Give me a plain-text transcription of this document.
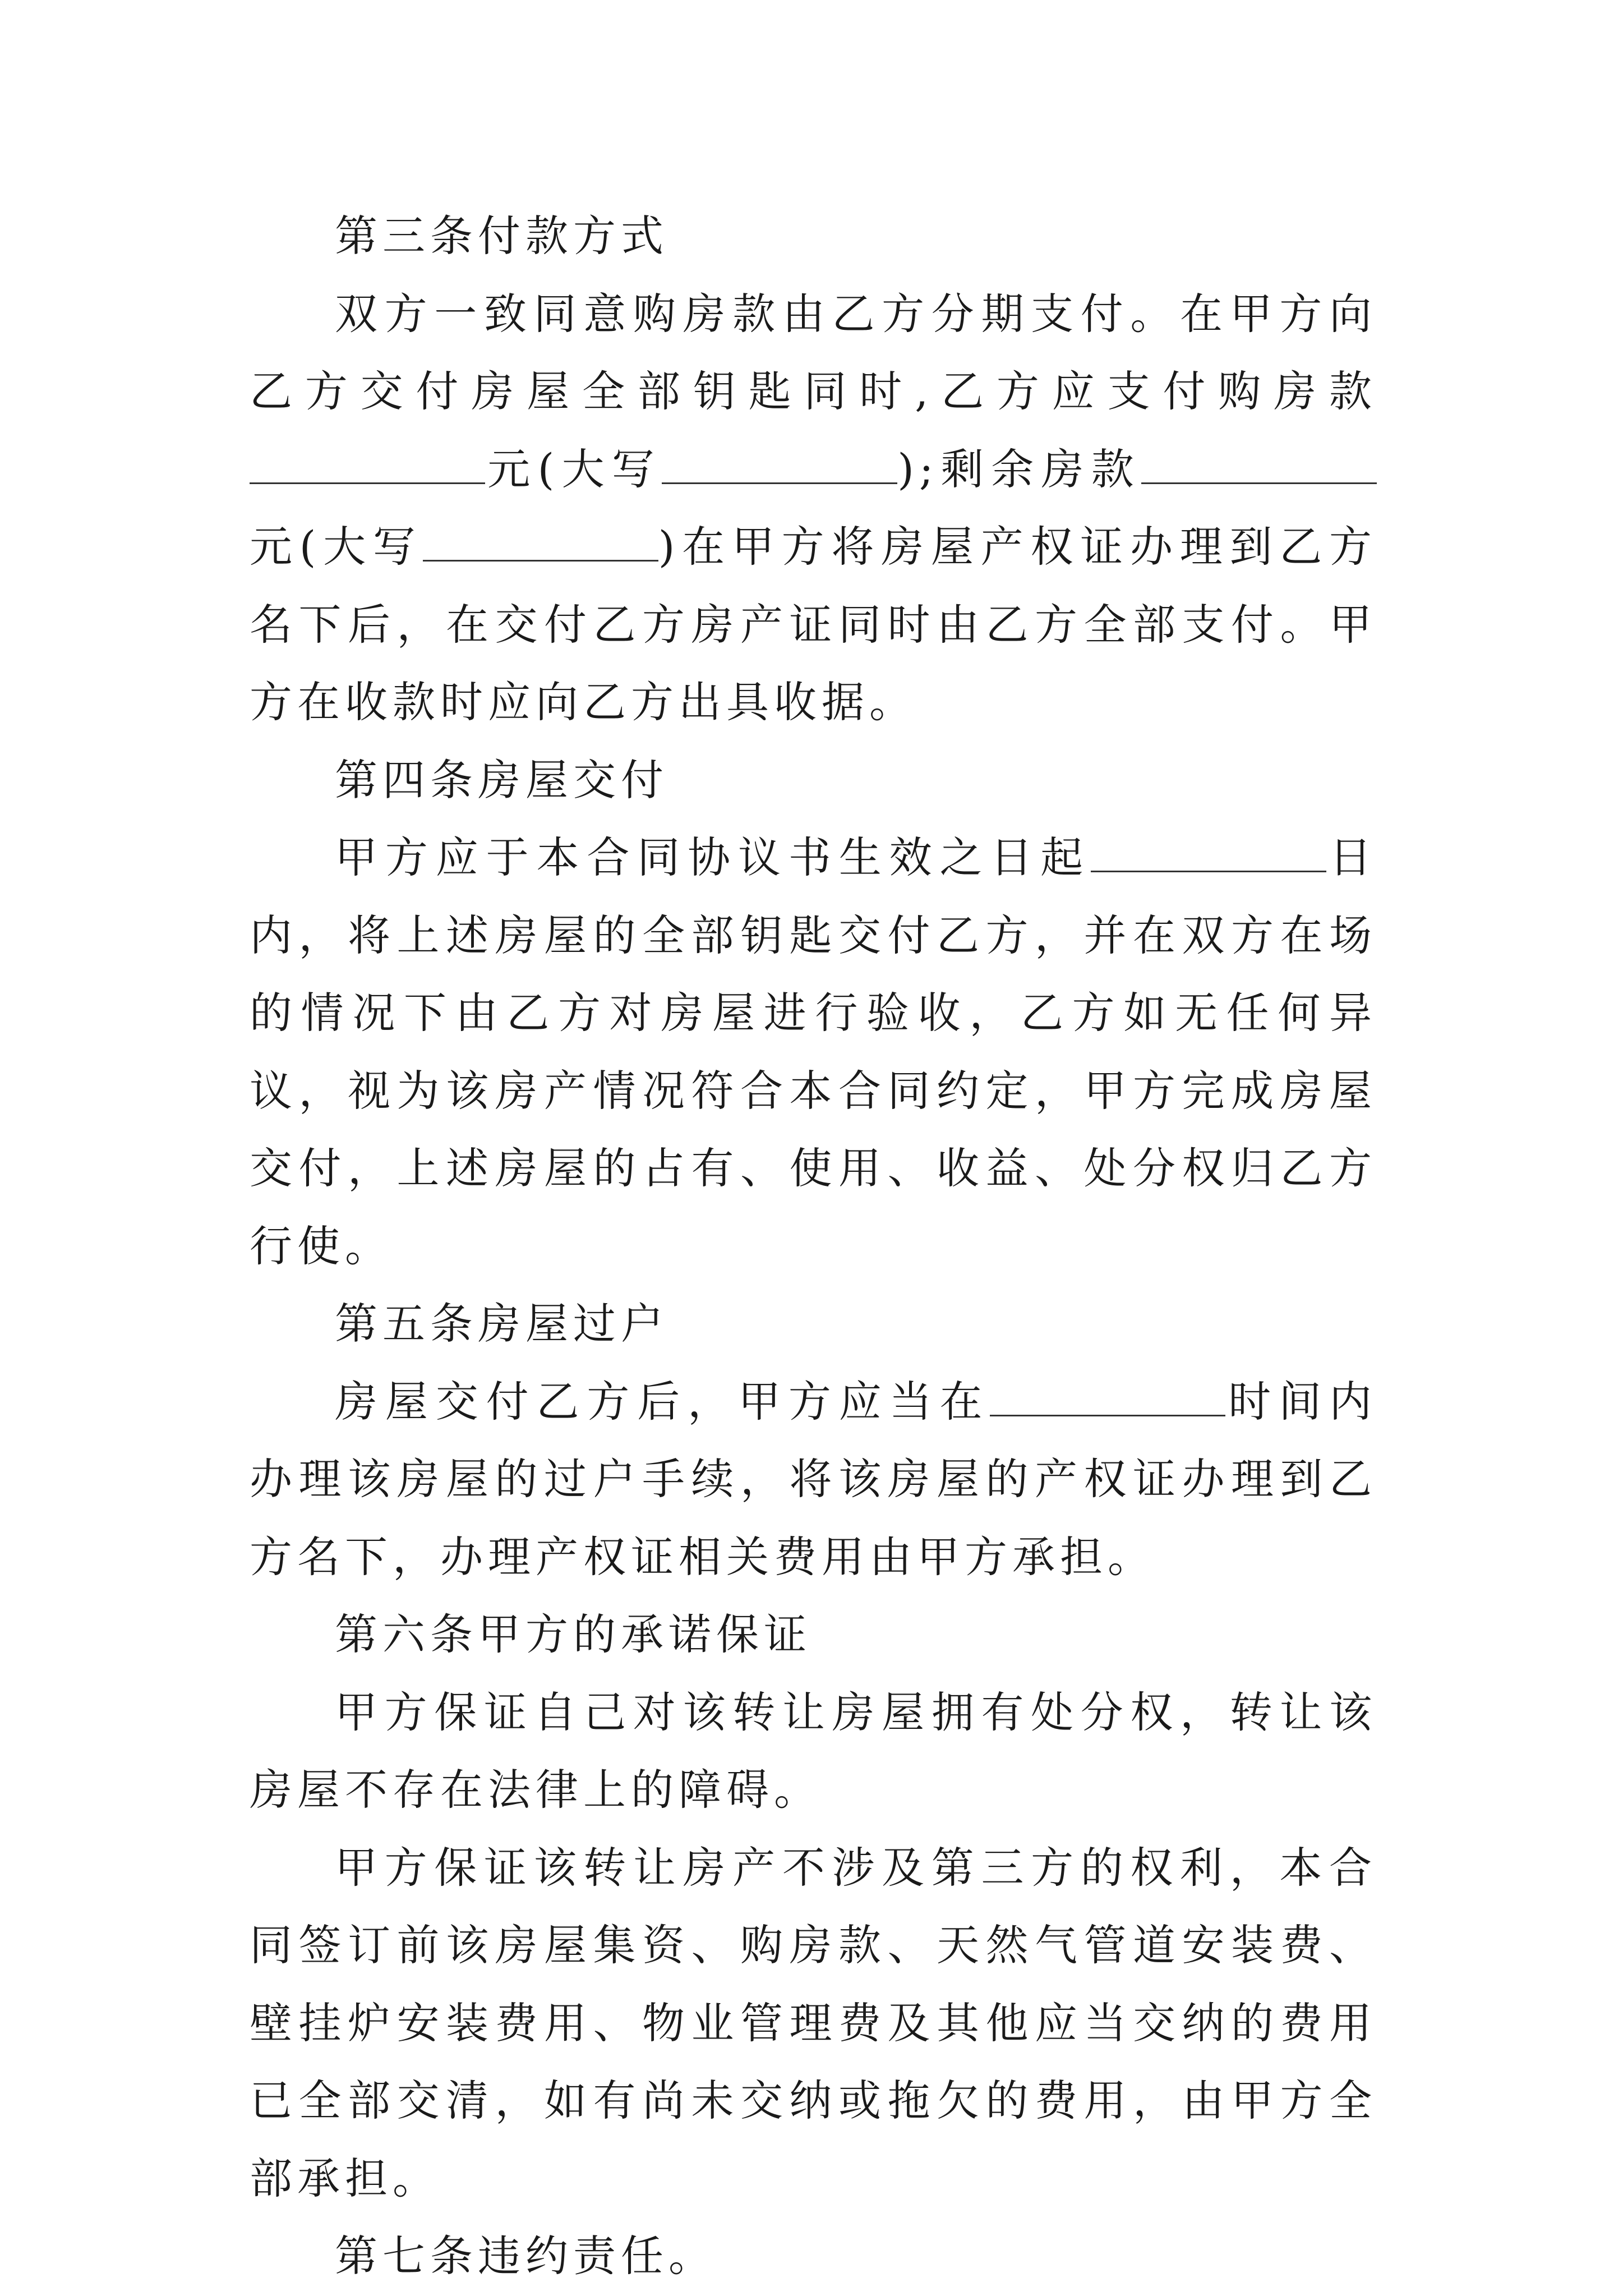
第三条付款方式

双方一致同意购房款由乙方分期支付。在甲方向乙方交付房屋全部钥匙同时,乙方应支付购房款元(大写	);剩余房款元(大写	)在甲方将房屋产权证办理到乙方名下后，在交付乙方房产证同时由乙方全部支付。甲方在收款时应向乙方出具收据。

第四条房屋交付

甲方应于本合同协议书生效之日起	日内，将上述房屋的全部钥匙交付乙方，并在双方在场的情况下由乙方对房屋进行验收，乙方如无任何异议，视为该房产情况符合本合同约定，甲方完成房屋交付，上述房屋的占有、使用、收益、处分权归乙方行使。

第五条房屋过户

房屋交付乙方后，甲方应当在	时间内办理该房屋的过户手续，将该房屋的产权证办理到乙方名下，办理产权证相关费用由甲方承担。

第六条甲方的承诺保证

甲方保证自己对该转让房屋拥有处分权，转让该房屋不存在法律上的障碍。

甲方保证该转让房产不涉及第三方的权利，本合同签订前该房屋集资、购房款、天然气管道安装费、壁挂炉安装费用、物业管理费及其他应当交纳的费用已全部交清，如有尚未交纳或拖欠的费用，由甲方全部承担。

第七条违约责任。
